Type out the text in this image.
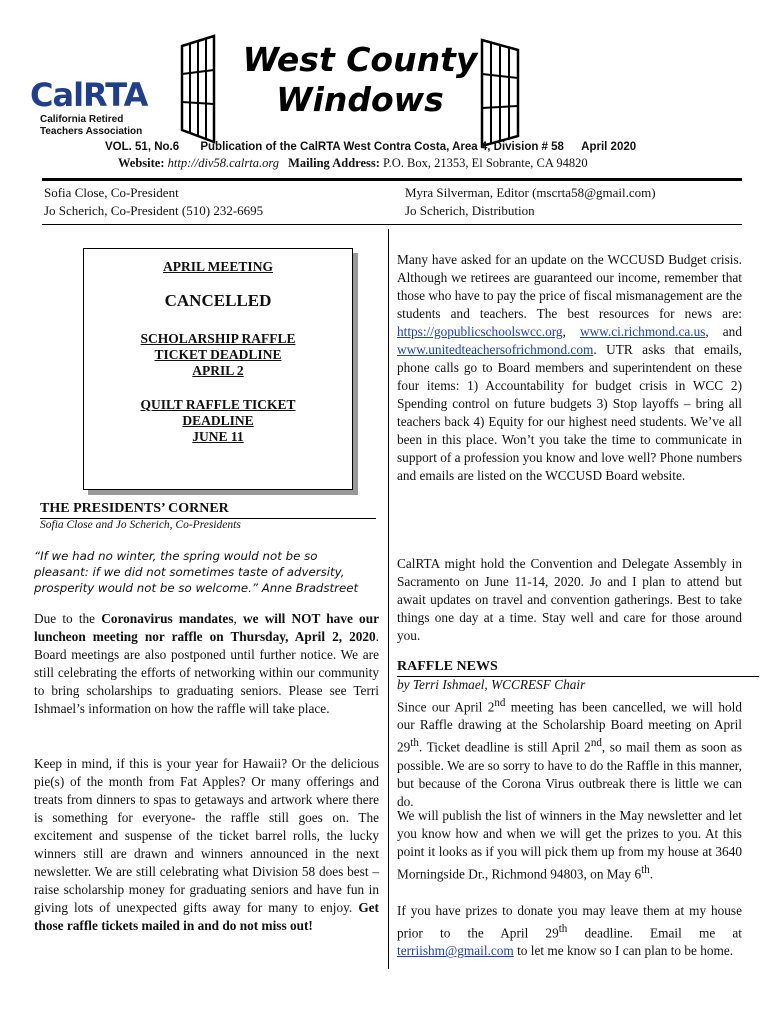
CalRTA
California Retired
Teachers Association
West County
Windows
VOL. 51, No.6 Publication of the CalRTA West Contra Costa, Area 4, Division # 58 April 2020
Website: http://div58.calrta.org Mailing Address: P.O. Box, 21353, El Sobrante, CA 94820
Sofia Close, Co-President
Jo Scherich, Co-President (510) 232-6695
Myra Silverman, Editor (mscrta58@gmail.com)
Jo Scherich, Distribution
APRIL MEETING
CANCELLED
SCHOLARSHIP RAFFLE
TICKET DEADLINE
APRIL 2
QUILT RAFFLE TICKET
DEADLINE
JUNE 11
THE PRESIDENTS’ CORNER
Sofia Close and Jo Scherich, Co-Presidents
“If we had no winter, the spring would not be so
pleasant: if we did not sometimes taste of adversity,
prosperity would not be so welcome.” Anne Bradstreet
Due to the Coronavirus mandates, we will NOT have our luncheon meeting nor raffle on Thursday, April 2, 2020. Board meetings are also postponed until further notice. We are still celebrating the efforts of networking within our community to bring scholarships to graduating seniors. Please see Terri Ishmael’s information on how the raffle will take place.
Keep in mind, if this is your year for Hawaii? Or the delicious pie(s) of the month from Fat Apples? Or many offerings and treats from dinners to spas to getaways and artwork where there is something for everyone- the raffle still goes on. The excitement and suspense of the ticket barrel rolls, the lucky winners still are drawn and winners announced in the next newsletter. We are still celebrating what Division 58 does best – raise scholarship money for graduating seniors and have fun in giving lots of unexpected gifts away for many to enjoy. Get those raffle tickets mailed in and do not miss out!
Many have asked for an update on the WCCUSD Budget crisis. Although we retirees are guaranteed our income, remember that those who have to pay the price of fiscal mismanagement are the students and teachers. The best resources for news are: https://gopublicschoolswcc.org, www.ci.richmond.ca.us, and www.unitedteachersofrichmond.com. UTR asks that emails, phone calls go to Board members and superintendent on these four items: 1) Accountability for budget crisis in WCC 2) Spending control on future budgets 3) Stop layoffs – bring all teachers back 4) Equity for our highest need students. We’ve all been in this place. Won’t you take the time to communicate in support of a profession you know and love well? Phone numbers and emails are listed on the WCCUSD Board website.
CalRTA might hold the Convention and Delegate Assembly in Sacramento on June 11-14, 2020. Jo and I plan to attend but await updates on travel and convention gatherings. Best to take things one day at a time. Stay well and care for those around you.
RAFFLE NEWS
by Terri Ishmael, WCCRESF Chair
Since our April 2nd meeting has been cancelled, we will hold our Raffle drawing at the Scholarship Board meeting on April 29th. Ticket deadline is still April 2nd, so mail them as soon as possible. We are so sorry to have to do the Raffle in this manner, but because of the Corona Virus outbreak there is little we can do.
We will publish the list of winners in the May newsletter and let you know how and when we will get the prizes to you. At this point it looks as if you will pick them up from my house at 3640 Morningside Dr., Richmond 94803, on May 6th.
If you have prizes to donate you may leave them at my house prior to the April 29th deadline. Email me at terriishm@gmail.com to let me know so I can plan to be home.
